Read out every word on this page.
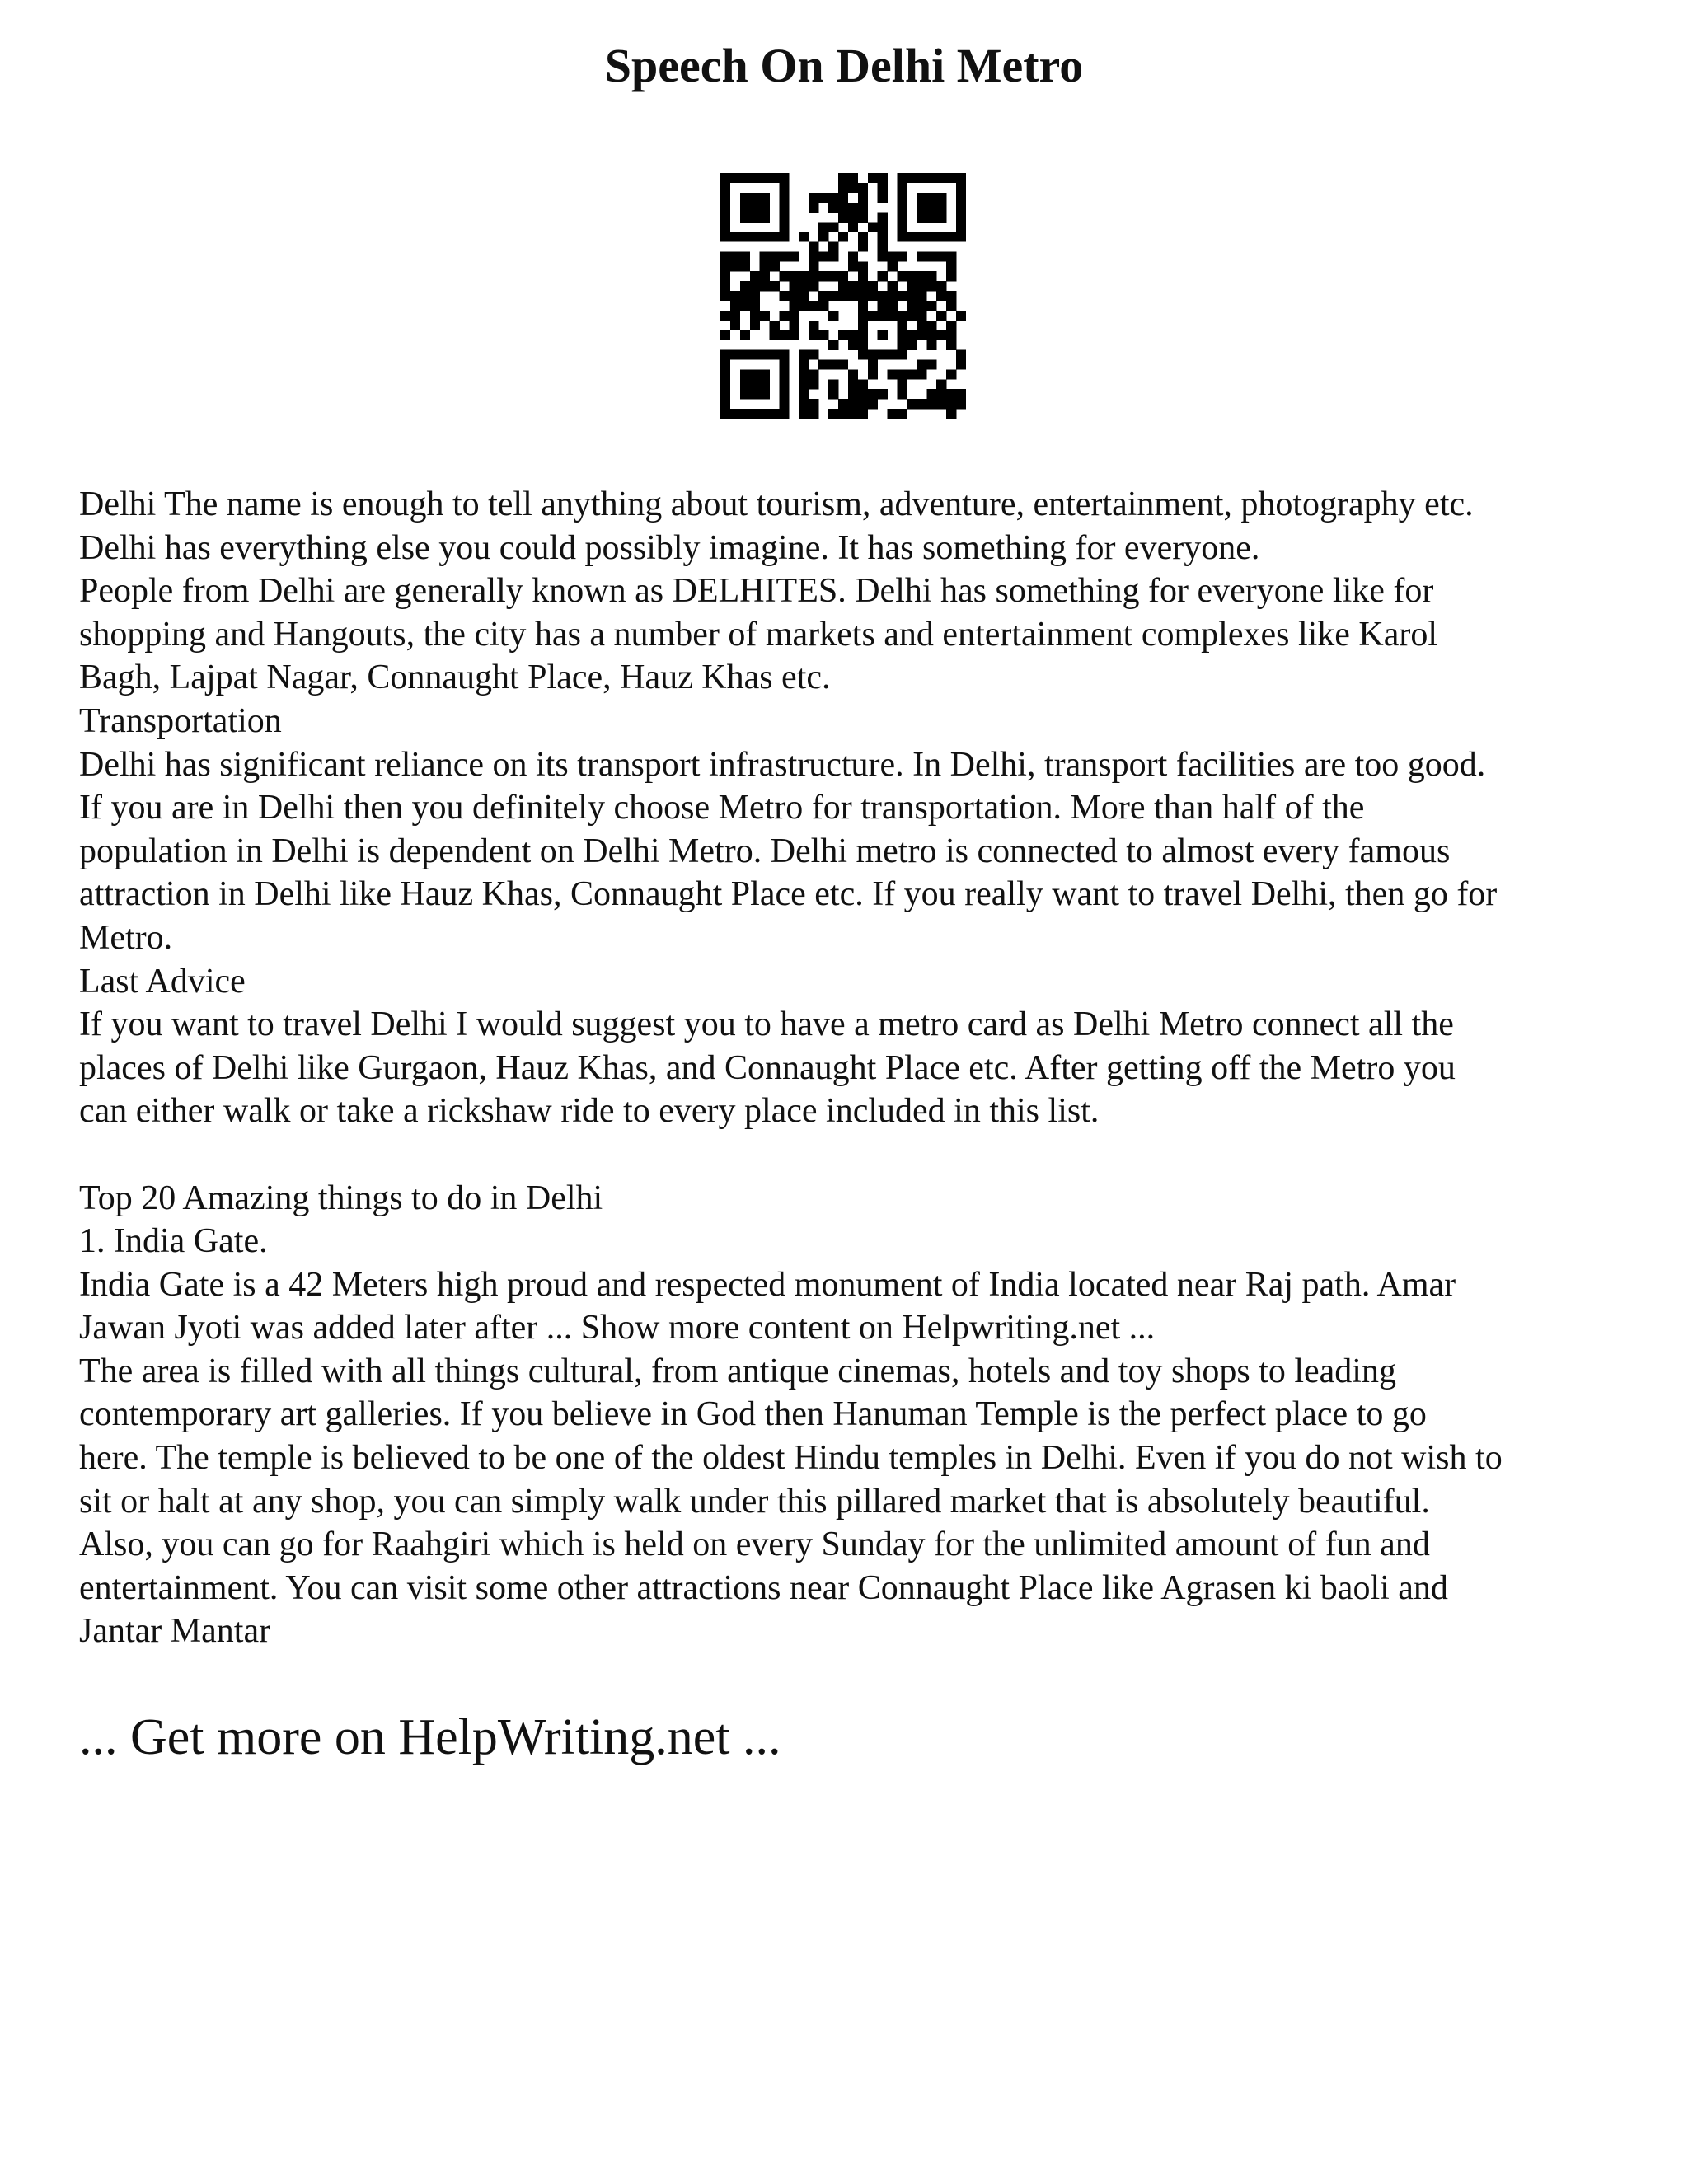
Speech On Delhi Metro
Delhi The name is enough to tell anything about tourism, adventure, entertainment, photography etc.
Delhi has everything else you could possibly imagine. It has something for everyone.
People from Delhi are generally known as DELHITES. Delhi has something for everyone like for
shopping and Hangouts, the city has a number of markets and entertainment complexes like Karol
Bagh, Lajpat Nagar, Connaught Place, Hauz Khas etc.
Transportation
Delhi has significant reliance on its transport infrastructure. In Delhi, transport facilities are too good.
If you are in Delhi then you definitely choose Metro for transportation. More than half of the
population in Delhi is dependent on Delhi Metro. Delhi metro is connected to almost every famous
attraction in Delhi like Hauz Khas, Connaught Place etc. If you really want to travel Delhi, then go for
Metro.
Last Advice
If you want to travel Delhi I would suggest you to have a metro card as Delhi Metro connect all the
places of Delhi like Gurgaon, Hauz Khas, and Connaught Place etc. After getting off the Metro you
can either walk or take a rickshaw ride to every place included in this list.
Top 20 Amazing things to do in Delhi
1. India Gate.
India Gate is a 42 Meters high proud and respected monument of India located near Raj path. Amar
Jawan Jyoti was added later after ... Show more content on Helpwriting.net ...
The area is filled with all things cultural, from antique cinemas, hotels and toy shops to leading
contemporary art galleries. If you believe in God then Hanuman Temple is the perfect place to go
here. The temple is believed to be one of the oldest Hindu temples in Delhi. Even if you do not wish to
sit or halt at any shop, you can simply walk under this pillared market that is absolutely beautiful.
Also, you can go for Raahgiri which is held on every Sunday for the unlimited amount of fun and
entertainment. You can visit some other attractions near Connaught Place like Agrasen ki baoli and
Jantar Mantar
... Get more on HelpWriting.net ...
